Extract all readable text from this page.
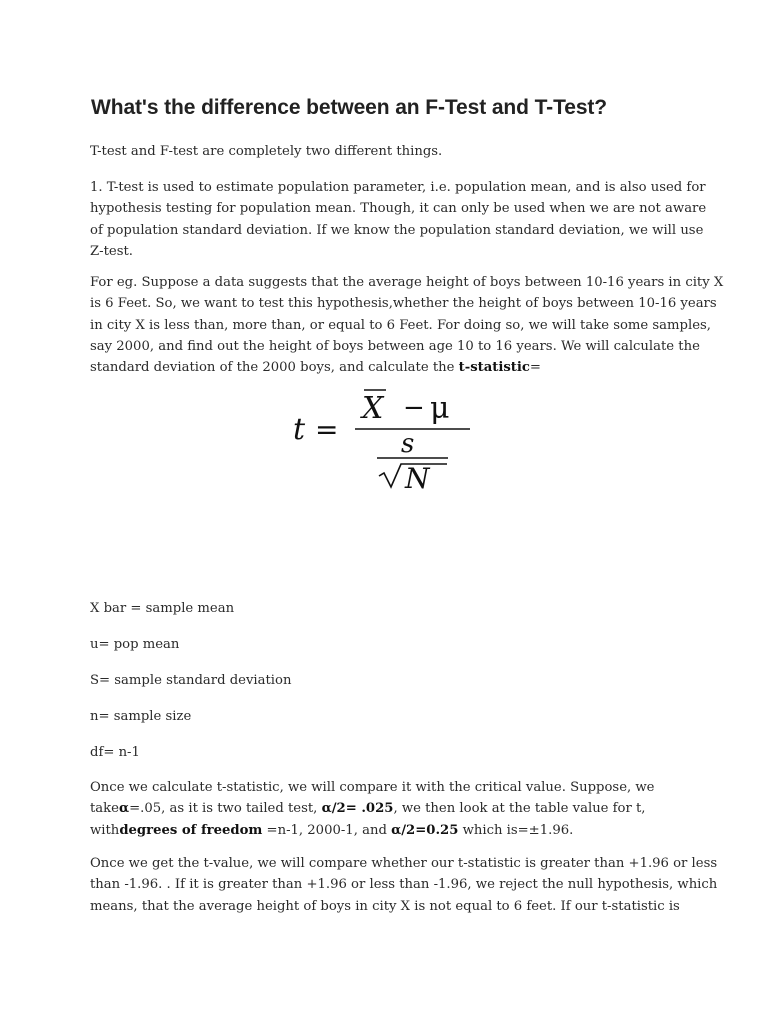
What's the difference between an F-Test and T-Test?

T-test and F-test are completely two different things.

1. T-test is used to estimate population parameter, i.e. population mean, and is also used for
hypothesis testing for population mean. Though, it can only be used when we are not aware
of population standard deviation. If we know the population standard deviation, we will use
Z-test.

For eg. Suppose a data suggests that the average height of boys between 10-16 years in city X
is 6 Feet. So, we want to test this hypothesis,whether the height of boys between 10-16 years
in city X is less than, more than, or equal to 6 Feet. For doing so, we will take some samples,
say 2000, and find out the height of boys between age 10 to 16 years. We will calculate the
standard deviation of the 2000 boys, and calculate the t-statistic=

t =
X − μ
s
N

X bar = sample mean

u= pop mean

S= sample standard deviation

n= sample size

df= n-1

Once we calculate t-statistic, we will compare it with the critical value. Suppose, we
takeα=.05, as it is two tailed test, α/2= .025, we then look at the table value for t,
withdegrees of freedom =n-1, 2000-1, and α/2=0.25 which is=±1.96.

Once we get the t-value, we will compare whether our t-statistic is greater than +1.96 or less
than -1.96. . If it is greater than +1.96 or less than -1.96, we reject the null hypothesis, which
means, that the average height of boys in city X is not equal to 6 feet. If our t-statistic is
